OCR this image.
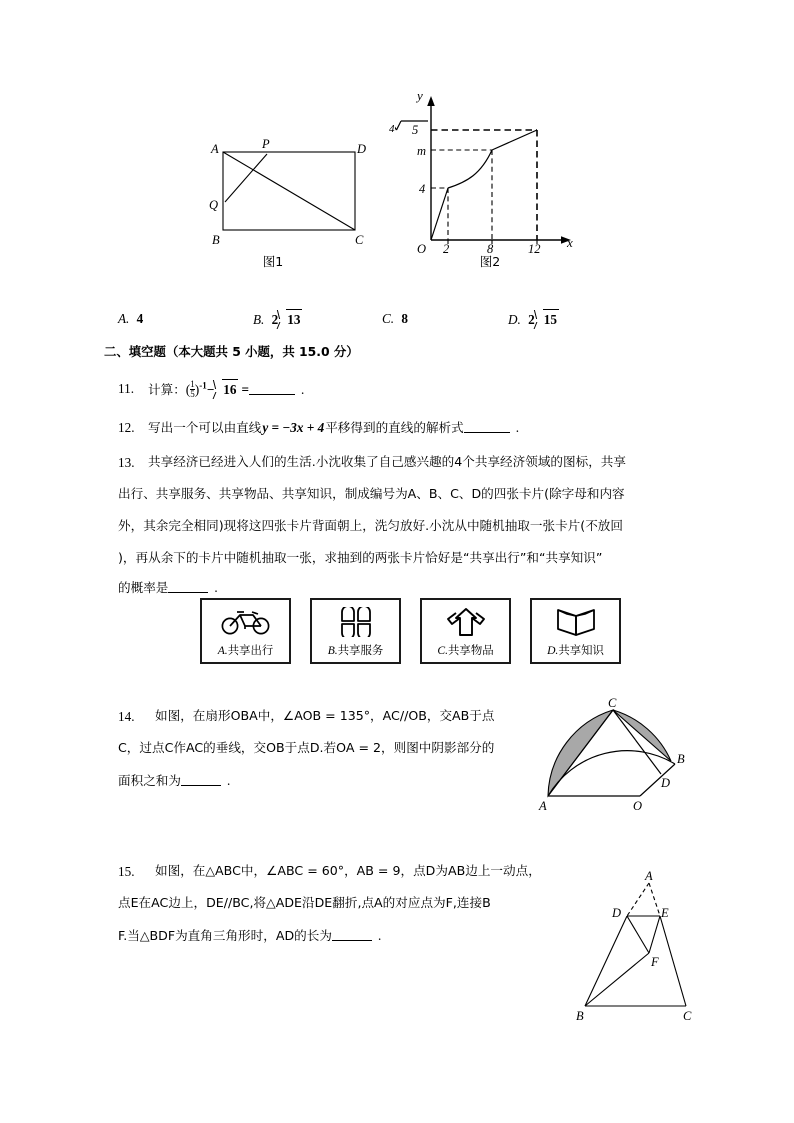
A	P	D
Q
B	C
图1
y
x
O 2	8	12
4
m
4 5
图2
A. 4	B. 2 13	C. 8	D. 2 15
二、填空题（本大题共 5 小题，共 15.0 分）
11. 计算：( $\frac{1}{5} )^{-1}- 16$ =	.
12. 写出一个可以由直线y = −3x + 4平移得到的直线的解析式	.
13. 共享经济已经进入人们的生活.小沈收集了自己感兴趣的4个共享经济领域的图标，共享
出行、共享服务、共享物品、共享知识，制成编号为A、B、C、D的四张卡片(除字母和内容
外，其余完全相同)现将这四张卡片背面朝上，洗匀放好.小沈从中随机抽取一张卡片(不放回
)，再从余下的卡片中随机抽取一张，求抽到的两张卡片恰好是“共享出行”和“共享知识”
的概率是	.
A.共享出行	B.共享服务	C.共享物品	D.共享知识
14. 如图，在扇形OBA中，∠AOB = 135°，AC//OB，交AB于点
C，过点C作AC的垂线，交OB于点D.若OA = 2，则图中阴影部分的
面积之和为	.
C
B
D
A	O
15. 如图，在△ABC中，∠ABC = 60°，AB = 9，点D为AB边上一动点，
点E在AC边上，DE//BC,将△ADE沿DE翻折,点A的对应点为F,连接B
F.当△BDF为直角三角形时，AD的长为	.
A
D	E
F
B	C
